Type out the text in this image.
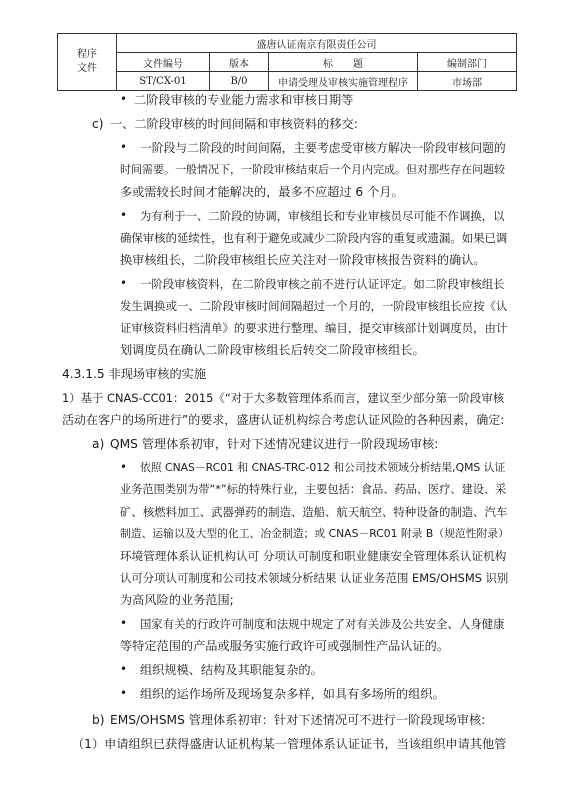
程序
文件	盛唐认证南京有限责任公司			
	文件编号	版本	标　　题	编制部门
	ST/CX-01	B/0	申请受理及审核实施管理程序	市场部
• 二阶段审核的专业能力需求和审核日期等
c) 一、二阶段审核的时间间隔和审核资料的移交:
• 一阶段与二阶段的时间间隔，主要考虑受审核方解决一阶段审核问题的
时间需要。一般情况下，一阶段审核结束后一个月内完成。但对那些存在问题较
多或需较长时间才能解决的，最多不应超过 6 个月。
• 为有利于一、二阶段的协调，审核组长和专业审核员尽可能不作调换，以
确保审核的延续性，也有利于避免或减少二阶段内容的重复或遗漏。如果已调
换审核组长，二阶段审核组长应关注对一阶段审核报告资料的确认。
• 一阶段审核资料，在二阶段审核之前不进行认证评定。如二阶段审核组长
发生调换或一、二阶段审核时间间隔超过一个月的，一阶段审核组长应按《认
证审核资料归档清单》的要求进行整理、编目，提交审核部计划调度员，由计
划调度员在确认二阶段审核组长后转交二阶段审核组长。
4.3.1.5 非现场审核的实施
1）基于 CNAS-CC01：2015《“对于大多数管理体系而言，建议至少部分第一阶段审核
活动在客户的场所进行”的要求，盛唐认证机构综合考虑认证风险的各种因素，确定:
a) QMS 管理体系初审，针对下述情况建议进行一阶段现场审核:
• 依照 CNAS－RC01 和 CNAS-TRC-012 和公司技术领域分析结果,QMS 认证
业务范围类别为带“*”标的特殊行业，主要包括：食品、药品、医疗、建设、采
矿、核燃料加工、武器弹药的制造、造船、航天航空、特种设备的制造、汽车
制造、运输以及大型的化工、冶金制造；或 CNAS－RC01 附录 B（规范性附录）
环境管理体系认证机构认可 分项认可制度和职业健康安全管理体系认证机构
认可分项认可制度和公司技术领域分析结果 认证业务范围 EMS/OHSMS 识别
为高风险的业务范围;
• 国家有关的行政许可制度和法规中规定了对有关涉及公共安全、人身健康
等特定范围的产品或服务实施行政许可或强制性产品认证的。
• 组织规模、结构及其职能复杂的。
• 组织的运作场所及现场复杂多样，如具有多场所的组织。
b) EMS/OHSMS 管理体系初审：针对下述情况可不进行一阶段现场审核:
（1）申请组织已获得盛唐认证机构某一管理体系认证证书，当该组织申请其他管
